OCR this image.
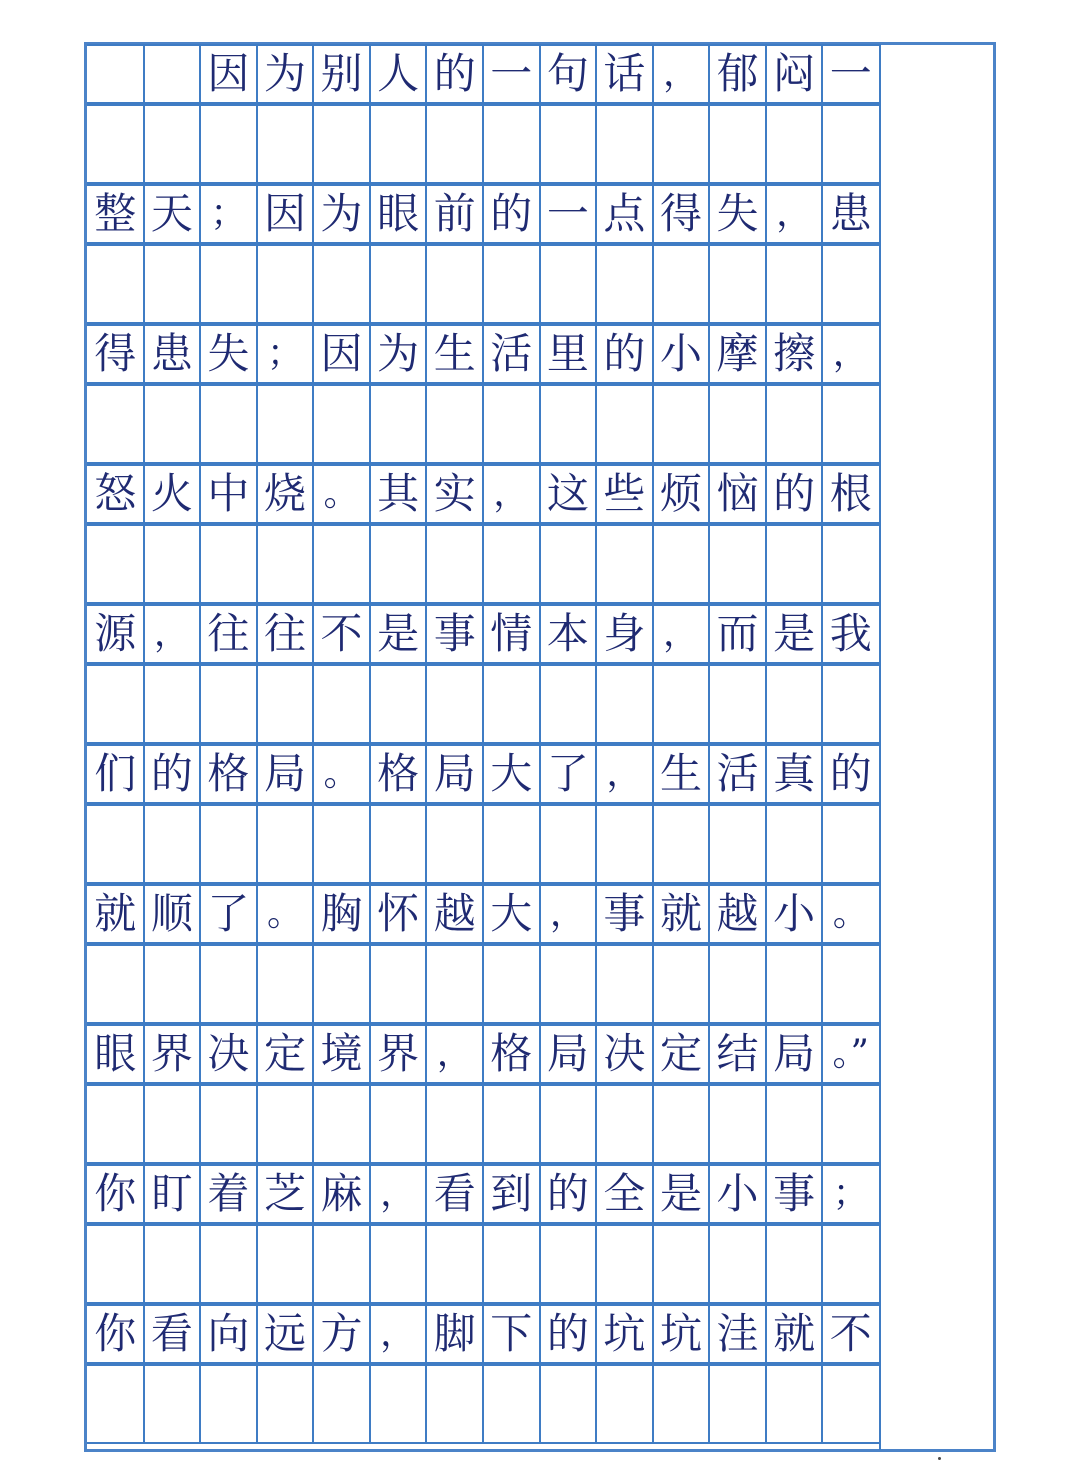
因 为 别 人 的 一 句 话 ， 郁 闷 一
整 天 ； 因 为 眼 前 的 一 点 得 失 ， 患
得 患 失 ； 因 为 生 活 里 的 小 摩 擦 ，
怒 火 中 烧 。 其 实 ， 这 些 烦 恼 的 根
源 ， 往 往 不 是 事 情 本 身 ， 而 是 我
们 的 格 局 。 格 局 大 了 ， 生 活 真 的
就 顺 了 。 胸 怀 越 大 ， 事 就 越 小 。
眼 界 决 定 境 界 ， 格 局 决 定 结 局 。”
你 盯 着 芝 麻 ， 看 到 的 全 是 小 事 ；
你 看 向 远 方 ， 脚 下 的 坑 坑 洼 就 不
